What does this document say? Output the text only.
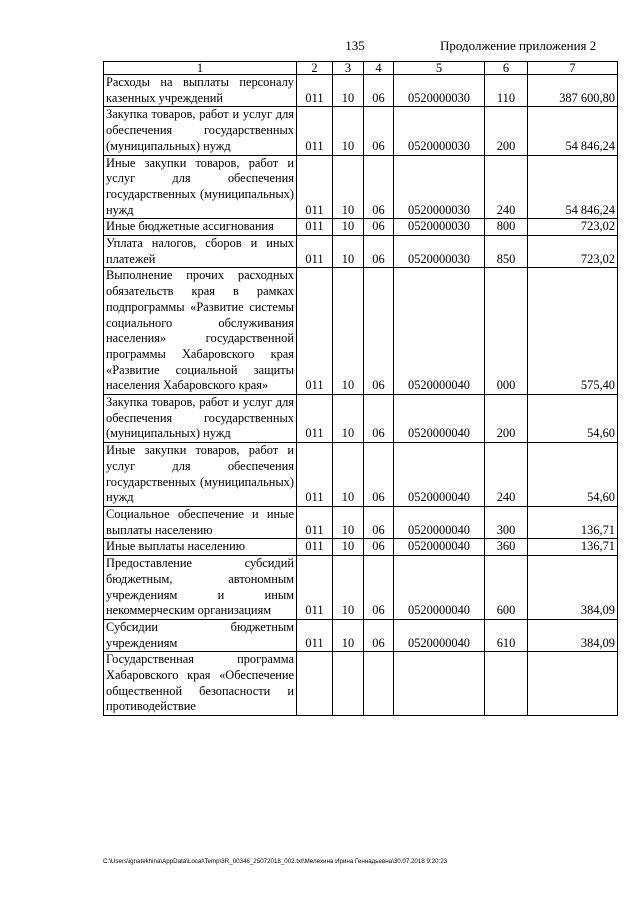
135	Продолжение приложения 2
1	2	3	4	5	6	7
Расходы на выплаты персоналу казенных учреждений	011	10	06	0520000030	110	387 600,80
Закупка товаров, работ и услуг для обеспечения государственных (муниципальных) нужд	011	10	06	0520000030	200	54 846,24
Иные закупки товаров, работ и услуг для обеспечения государственных (муниципальных) нужд	011	10	06	0520000030	240	54 846,24
Иные бюджетные ассигнования	011	10	06	0520000030	800	723,02
Уплата налогов, сборов и иных платежей	011	10	06	0520000030	850	723,02
Выполнение прочих расходных обязательств края в рамках подпрограммы «Развитие системы социального обслуживания населения» государственной программы Хабаровского края «Развитие социальной защиты населения Хабаровского края»	011	10	06	0520000040	000	575,40
Закупка товаров, работ и услуг для обеспечения государственных (муниципальных) нужд	011	10	06	0520000040	200	54,60
Иные закупки товаров, работ и услуг для обеспечения государственных (муниципальных) нужд	011	10	06	0520000040	240	54,60
Социальное обеспечение и иные выплаты населению	011	10	06	0520000040	300	136,71
Иные выплаты населению	011	10	06	0520000040	360	136,71
Предоставление субсидий бюджетным, автономным учреждениям и иным некоммерческим организациям	011	10	06	0520000040	600	384,09
Субсидии бюджетным учреждениям	011	10	06	0520000040	610	384,09
Государственная программа Хабаровского края «Обеспечение общественной безопасности и противодействие						
C:\Users\ignatekhina\AppData\Local\Temp\3R_00346_25072018_002.txt\Мелехина Ирина Геннадьевна\30.07.2018 9:20:23
